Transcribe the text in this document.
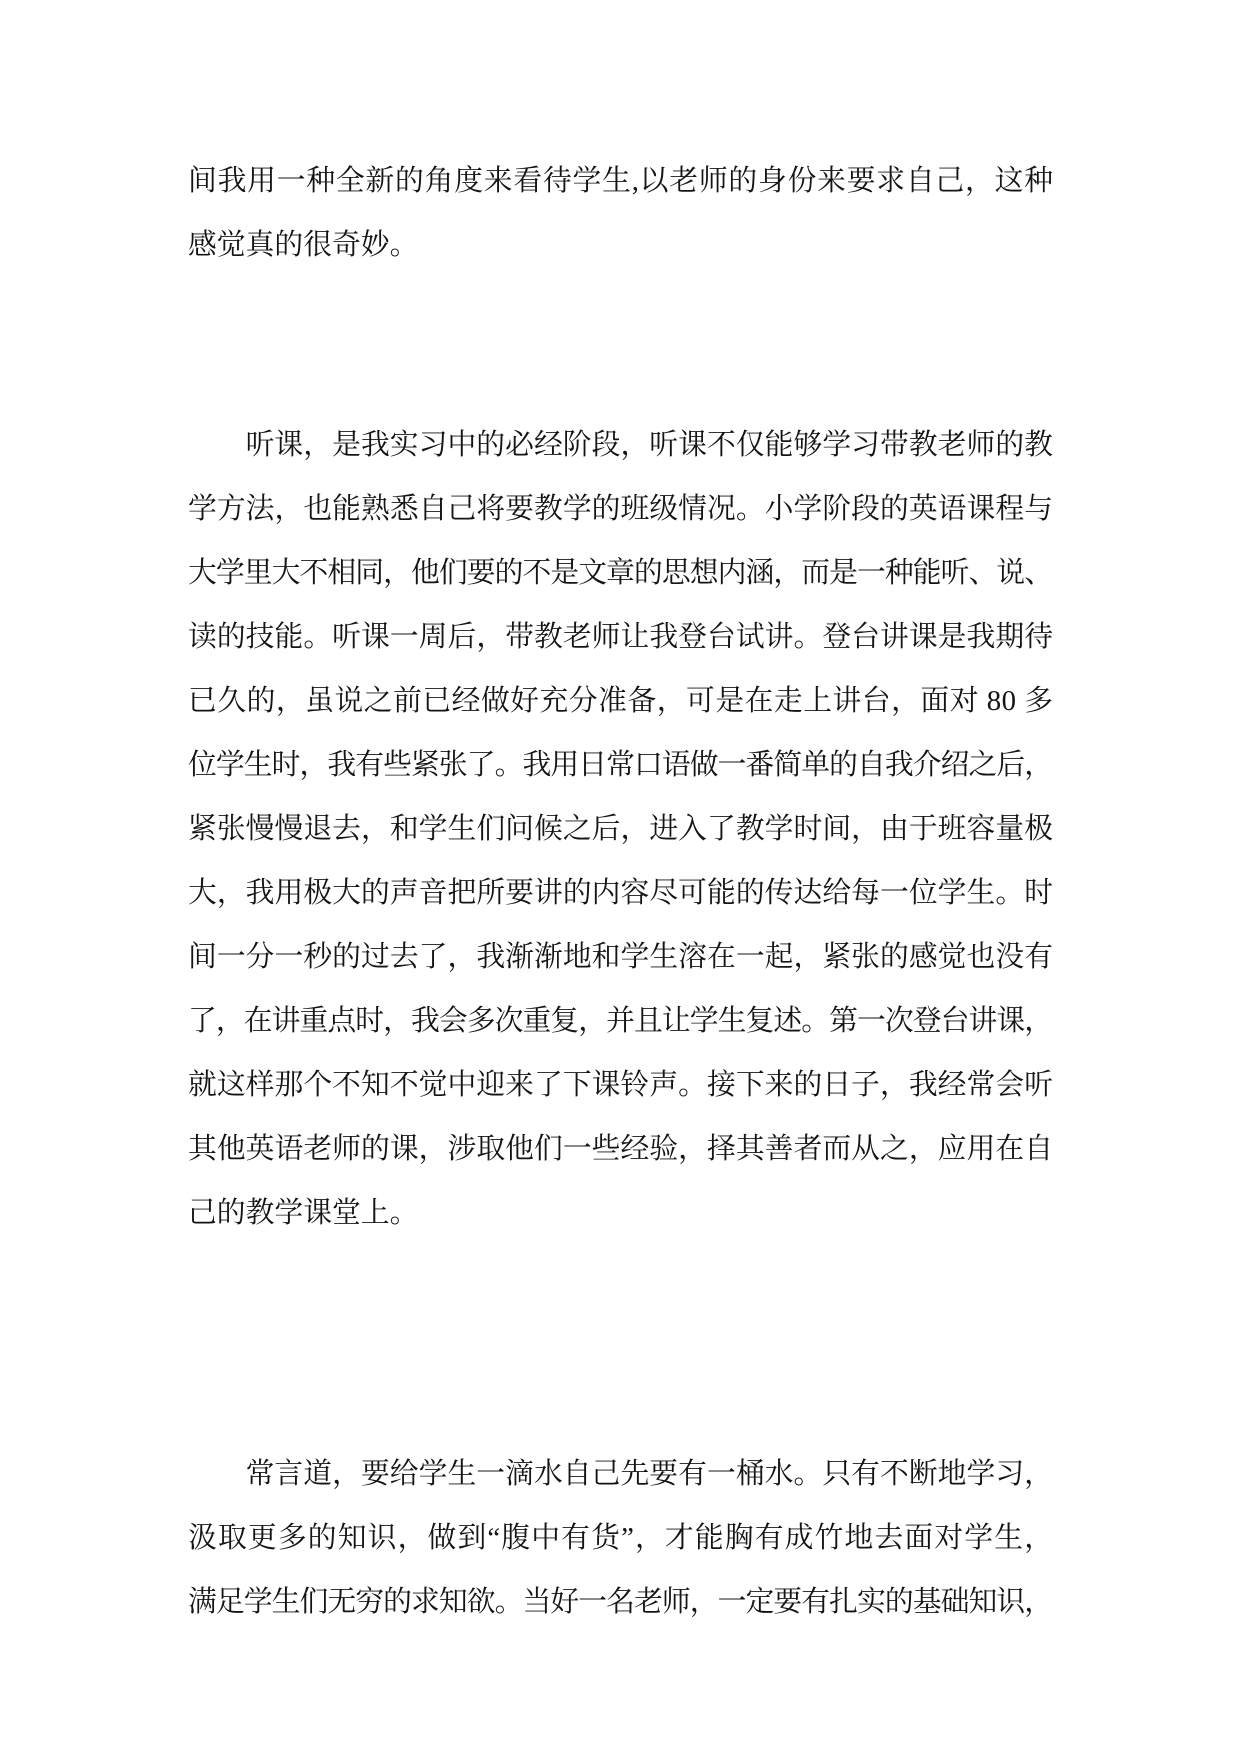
间我用一种全新的角度来看待学生,以老师的身份来要求自己，这种
感觉真的很奇妙。
听课，是我实习中的必经阶段，听课不仅能够学习带教老师的教
学方法，也能熟悉自己将要教学的班级情况。小学阶段的英语课程与
大学里大不相同，他们要的不是文章的思想内涵，而是一种能听、说、
读的技能。听课一周后，带教老师让我登台试讲。登台讲课是我期待
已久的，虽说之前已经做好充分准备，可是在走上讲台，面对 80 多
位学生时，我有些紧张了。我用日常口语做一番简单的自我介绍之后，
紧张慢慢退去，和学生们问候之后，进入了教学时间，由于班容量极
大，我用极大的声音把所要讲的内容尽可能的传达给每一位学生。时
间一分一秒的过去了，我渐渐地和学生溶在一起，紧张的感觉也没有
了，在讲重点时，我会多次重复，并且让学生复述。第一次登台讲课，
就这样那个不知不觉中迎来了下课铃声。接下来的日子，我经常会听
其他英语老师的课，涉取他们一些经验，择其善者而从之，应用在自
己的教学课堂上。
常言道，要给学生一滴水自己先要有一桶水。只有不断地学习，
汲取更多的知识，做到“腹中有货”，才能胸有成竹地去面对学生，
满足学生们无穷的求知欲。当好一名老师，一定要有扎实的基础知识，
